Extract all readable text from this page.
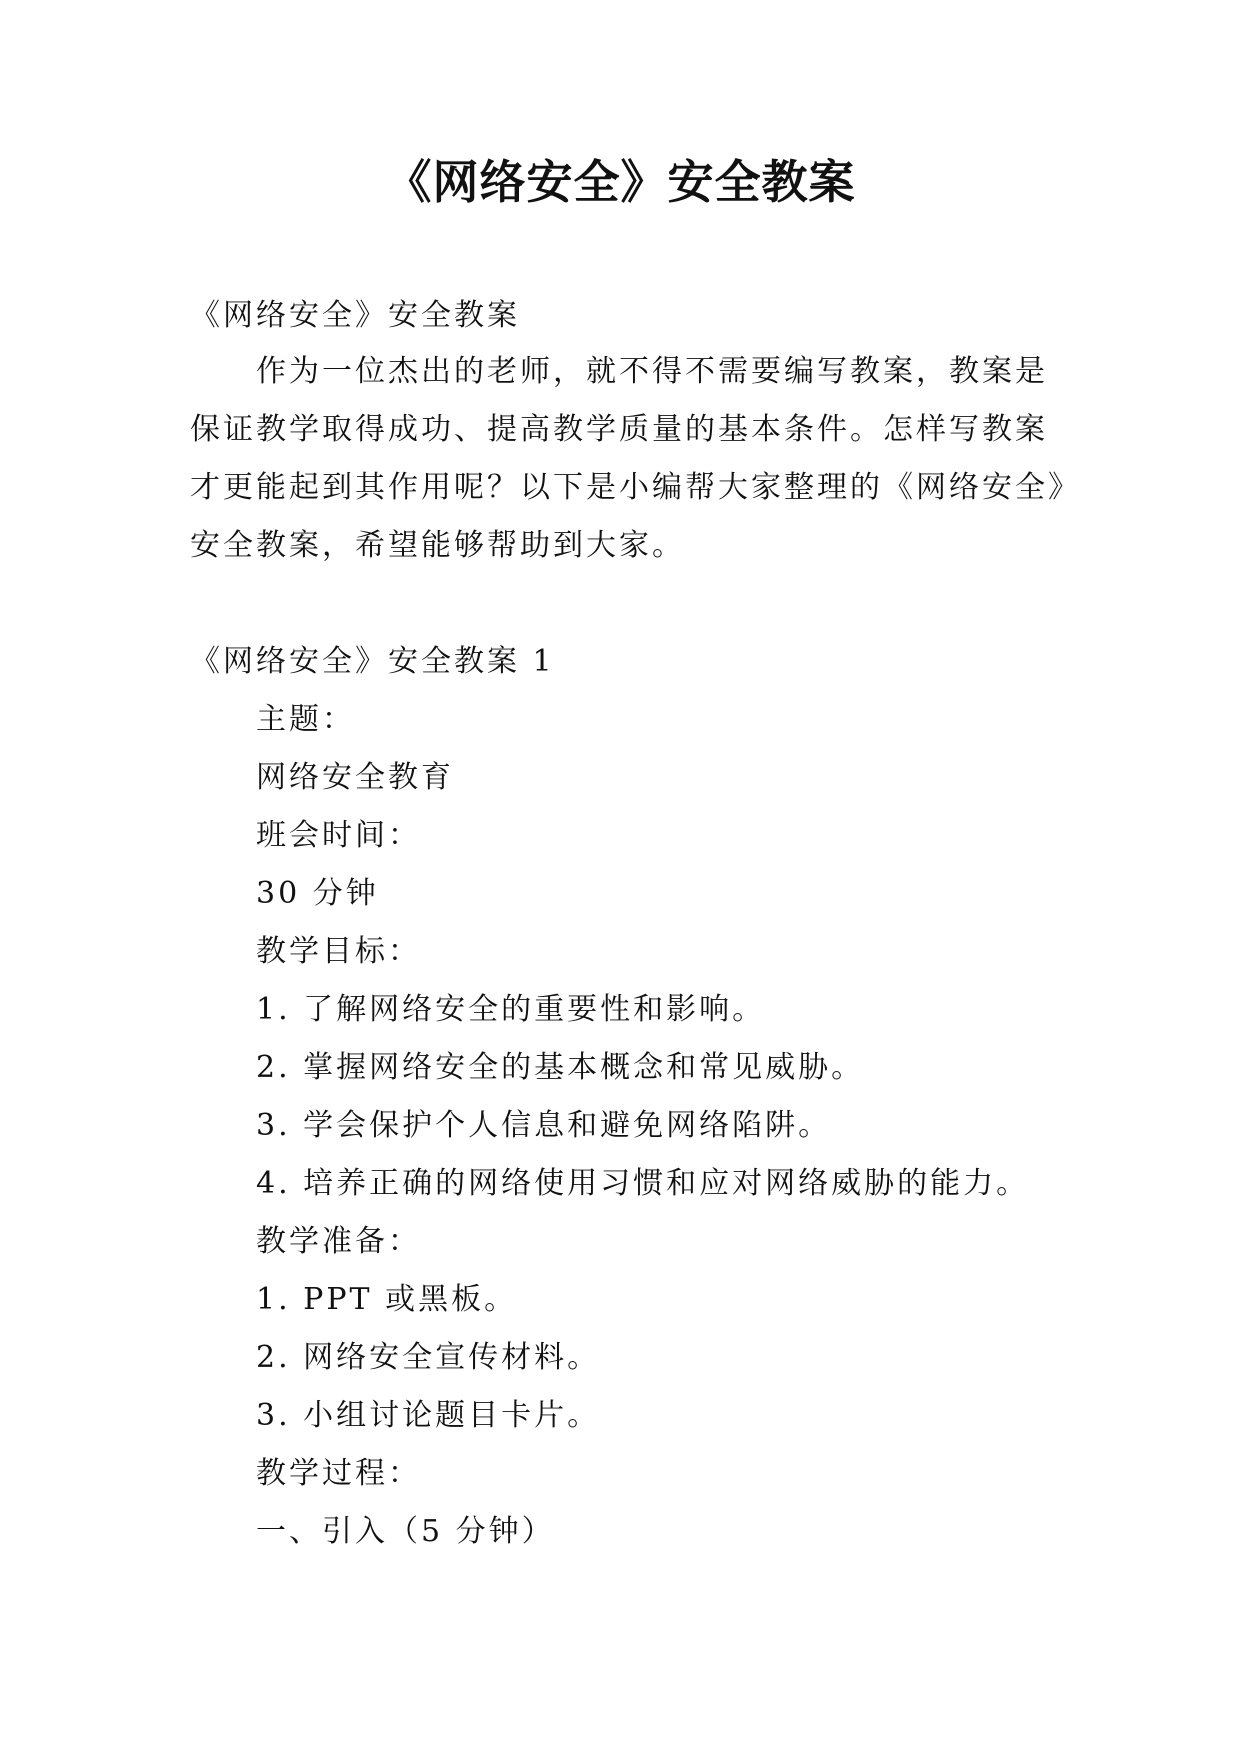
《网络安全》安全教案

《网络安全》安全教案

作为一位杰出的老师，就不得不需要编写教案，教案是

保证教学取得成功、提高教学质量的基本条件。怎样写教案

才更能起到其作用呢？以下是小编帮大家整理的《网络安全》

安全教案，希望能够帮助到大家。

《网络安全》安全教案 1

主题：

网络安全教育

班会时间：

30 分钟

教学目标：

1. 了解网络安全的重要性和影响。

2. 掌握网络安全的基本概念和常见威胁。

3. 学会保护个人信息和避免网络陷阱。

4. 培养正确的网络使用习惯和应对网络威胁的能力。

教学准备：

1. PPT 或黑板。

2. 网络安全宣传材料。

3. 小组讨论题目卡片。

教学过程：

一、引入（5 分钟）
